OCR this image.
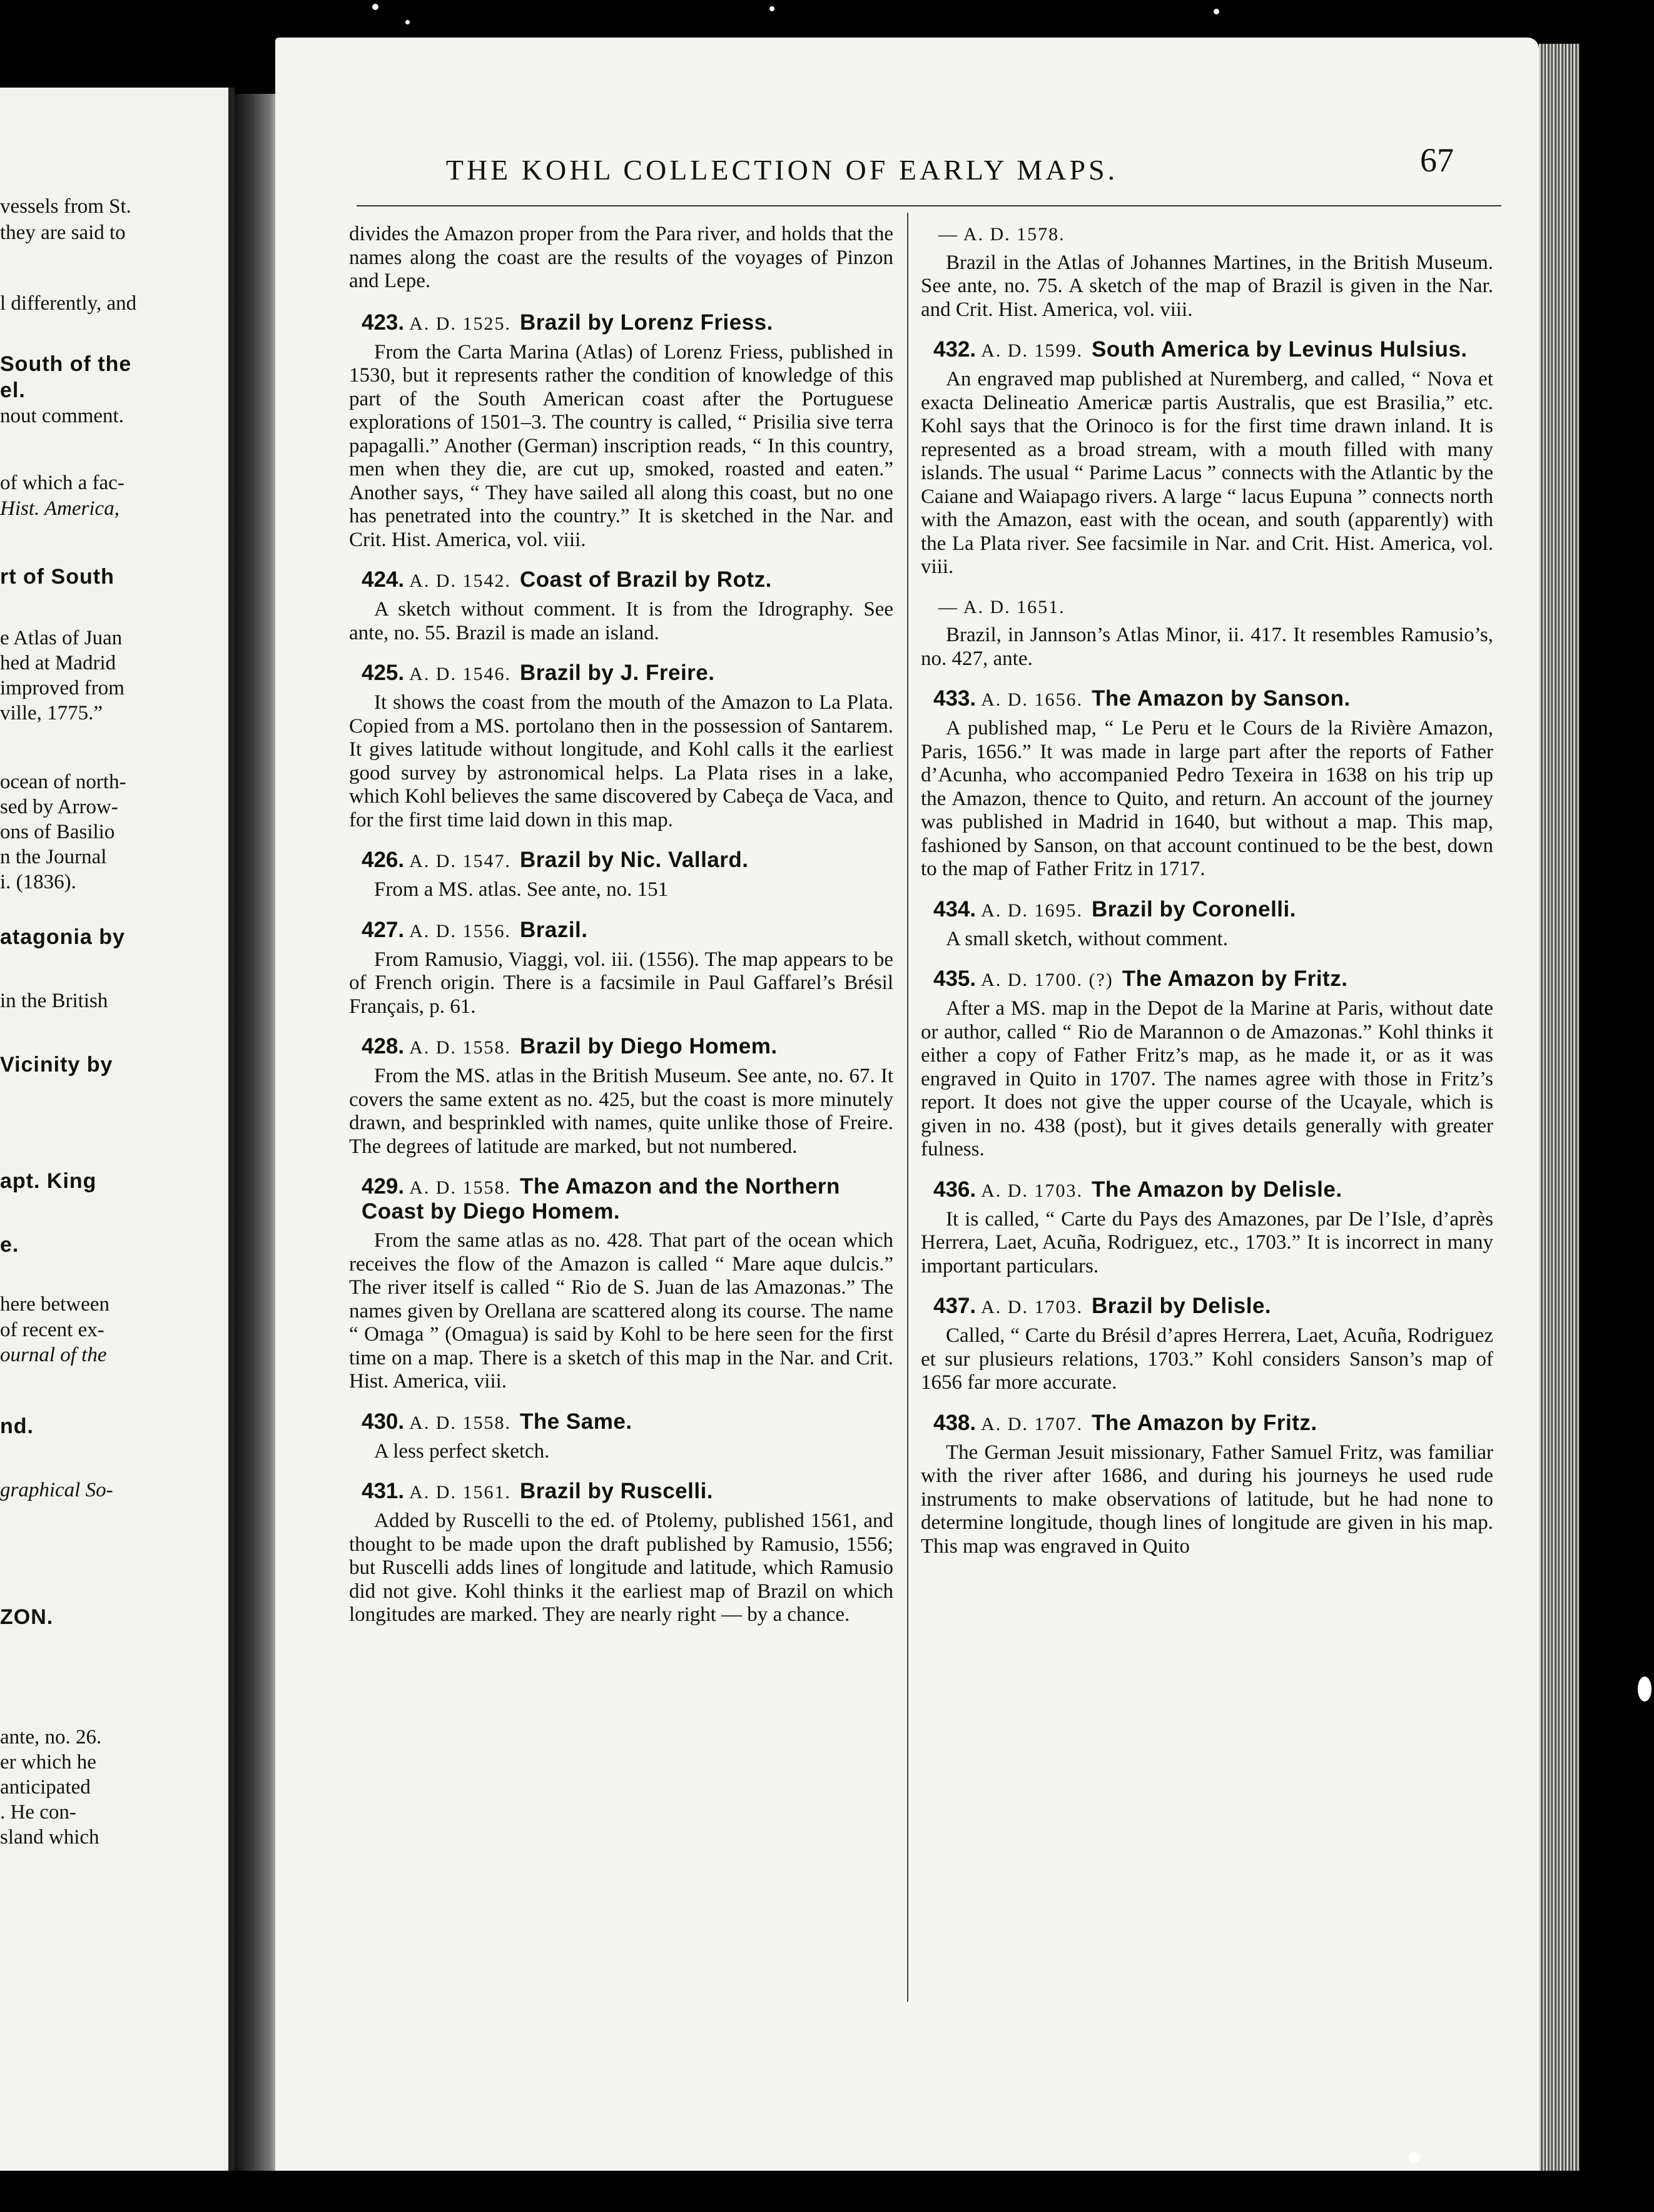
vessels from St.
they are said to
l differently, and
South of the
el.
nout comment.
of which a fac-
Hist. America,
rt of South
e Atlas of Juan
hed at Madrid
improved from
ville, 1775.”
ocean of north-
sed by Arrow-
ons of Basilio
n the Journal
i. (1836).
atagonia by
in the British
Vicinity by
apt. King
e.
here between
of recent ex-
ournal of the
nd.
graphical So-
ZON.
ante, no. 26.
er which he
anticipated
. He con-
sland which
THE KOHL COLLECTION OF EARLY MAPS.	67

divides the Amazon proper from the Para river, and holds that the names along the coast are the results of the voyages of Pinzon and Lepe.

423. A. D. 1525. Brazil by Lorenz Friess.

From the Carta Marina (Atlas) of Lorenz Friess, published in 1530, but it represents rather the condition of knowledge of this part of the South American coast after the Portuguese explorations of 1501–3. The country is called, “ Prisilia sive terra papagalli.” Another (German) inscription reads, “ In this country, men when they die, are cut up, smoked, roasted and eaten.” Another says, “ They have sailed all along this coast, but no one has penetrated into the country.” It is sketched in the Nar. and Crit. Hist. America, vol. viii.

424. A. D. 1542. Coast of Brazil by Rotz.

A sketch without comment. It is from the Idrography. See ante, no. 55. Brazil is made an island.

425. A. D. 1546. Brazil by J. Freire.

It shows the coast from the mouth of the Amazon to La Plata. Copied from a MS. portolano then in the possession of Santarem. It gives latitude without longitude, and Kohl calls it the earliest good survey by astronomical helps. La Plata rises in a lake, which Kohl believes the same discovered by Cabeça de Vaca, and for the first time laid down in this map.

426. A. D. 1547. Brazil by Nic. Vallard.

From a MS. atlas. See ante, no. 151

427. A. D. 1556. Brazil.

From Ramusio, Viaggi, vol. iii. (1556). The map appears to be of French origin. There is a facsimile in Paul Gaffarel’s Brésil Français, p. 61.

428. A. D. 1558. Brazil by Diego Homem.

From the MS. atlas in the British Museum. See ante, no. 67. It covers the same extent as no. 425, but the coast is more minutely drawn, and besprinkled with names, quite unlike those of Freire. The degrees of latitude are marked, but not numbered.

429. A. D. 1558. The Amazon and the Northern Coast by Diego Homem.

From the same atlas as no. 428. That part of the ocean which receives the flow of the Amazon is called “ Mare aque dulcis.” The river itself is called “ Rio de S. Juan de las Amazonas.” The names given by Orellana are scattered along its course. The name “ Omaga ” (Omagua) is said by Kohl to be here seen for the first time on a map. There is a sketch of this map in the Nar. and Crit. Hist. America, viii.

430. A. D. 1558. The Same.

A less perfect sketch.

431. A. D. 1561. Brazil by Ruscelli.

Added by Ruscelli to the ed. of Ptolemy, published 1561, and thought to be made upon the draft published by Ramusio, 1556; but Ruscelli adds lines of longitude and latitude, which Ramusio did not give. Kohl thinks it the earliest map of Brazil on which longitudes are marked. They are nearly right — by a chance.

— A. D. 1578.

Brazil in the Atlas of Johannes Martines, in the British Museum. See ante, no. 75. A sketch of the map of Brazil is given in the Nar. and Crit. Hist. America, vol. viii.

432. A. D. 1599. South America by Levinus Hulsius.

An engraved map published at Nuremberg, and called, “ Nova et exacta Delineatio Americæ partis Australis, que est Brasilia,” etc. Kohl says that the Orinoco is for the first time drawn inland. It is represented as a broad stream, with a mouth filled with many islands. The usual “ Parime Lacus ” connects with the Atlantic by the Caiane and Waiapago rivers. A large “ lacus Eupuna ” connects north with the Amazon, east with the ocean, and south (apparently) with the La Plata river. See facsimile in Nar. and Crit. Hist. America, vol. viii.

— A. D. 1651.

Brazil, in Jannson’s Atlas Minor, ii. 417. It resembles Ramusio’s, no. 427, ante.

433. A. D. 1656. The Amazon by Sanson.

A published map, “ Le Peru et le Cours de la Rivière Amazon, Paris, 1656.” It was made in large part after the reports of Father d’Acunha, who accompanied Pedro Texeira in 1638 on his trip up the Amazon, thence to Quito, and return. An account of the journey was published in Madrid in 1640, but without a map. This map, fashioned by Sanson, on that account continued to be the best, down to the map of Father Fritz in 1717.

434. A. D. 1695. Brazil by Coronelli.

A small sketch, without comment.

435. A. D. 1700. (?) The Amazon by Fritz.

After a MS. map in the Depot de la Marine at Paris, without date or author, called “ Rio de Marannon o de Amazonas.” Kohl thinks it either a copy of Father Fritz’s map, as he made it, or as it was engraved in Quito in 1707. The names agree with those in Fritz’s report. It does not give the upper course of the Ucayale, which is given in no. 438 (post), but it gives details generally with greater fulness.

436. A. D. 1703. The Amazon by Delisle.

It is called, “ Carte du Pays des Amazones, par De l’Isle, d’après Herrera, Laet, Acuña, Rodriguez, etc., 1703.” It is incorrect in many important particulars.

437. A. D. 1703. Brazil by Delisle.

Called, “ Carte du Brésil d’apres Herrera, Laet, Acuña, Rodriguez et sur plusieurs relations, 1703.” Kohl considers Sanson’s map of 1656 far more accurate.

438. A. D. 1707. The Amazon by Fritz.

The German Jesuit missionary, Father Samuel Fritz, was familiar with the river after 1686, and during his journeys he used rude instruments to make observations of latitude, but he had none to determine longitude, though lines of longitude are given in his map. This map was engraved in Quito
